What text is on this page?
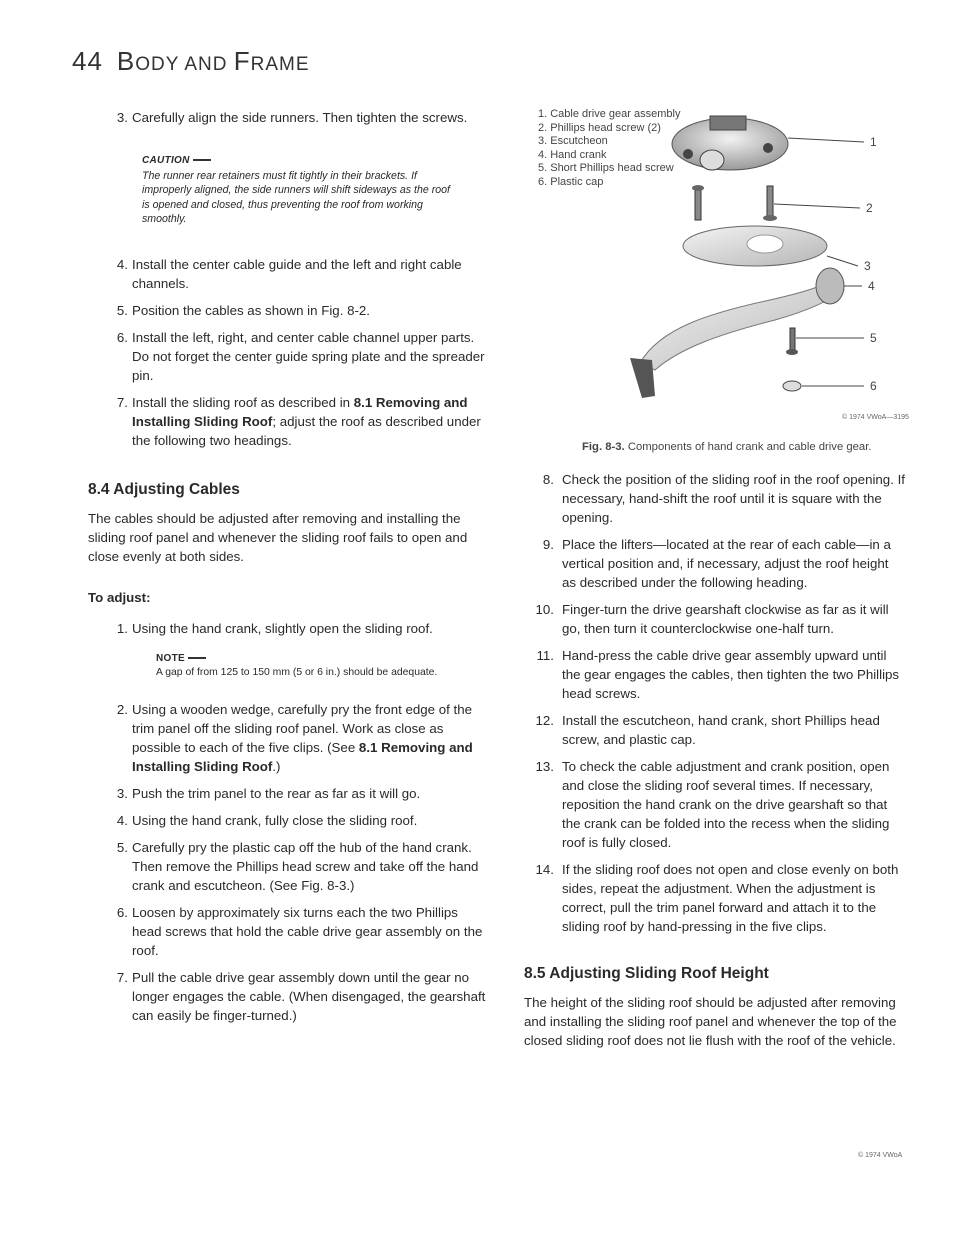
44 BODY AND FRAME
3. Carefully align the side runners. Then tighten the screws.
CAUTION
The runner rear retainers must fit tightly in their brackets. If improperly aligned, the side runners will shift sideways as the roof is opened and closed, thus preventing the roof from working smoothly.
4. Install the center cable guide and the left and right cable channels.
5. Position the cables as shown in Fig. 8-2.
6. Install the left, right, and center cable channel upper parts. Do not forget the center guide spring plate and the spreader pin.
7. Install the sliding roof as described in 8.1 Removing and Installing Sliding Roof; adjust the roof as described under the following two headings.
8.4 Adjusting Cables
The cables should be adjusted after removing and installing the sliding roof panel and whenever the sliding roof fails to open and close evenly at both sides.
To adjust:
1. Using the hand crank, slightly open the sliding roof.
NOTE
A gap of from 125 to 150 mm (5 or 6 in.) should be adequate.
2. Using a wooden wedge, carefully pry the front edge of the trim panel off the sliding roof panel. Work as close as possible to each of the five clips. (See 8.1 Removing and Installing Sliding Roof.)
3. Push the trim panel to the rear as far as it will go.
4. Using the hand crank, fully close the sliding roof.
5. Carefully pry the plastic cap off the hub of the hand crank. Then remove the Phillips head screw and take off the hand crank and escutcheon. (See Fig. 8-3.)
6. Loosen by approximately six turns each the two Phillips head screws that hold the cable drive gear assembly on the roof.
7. Pull the cable drive gear assembly down until the gear no longer engages the cable. (When disengaged, the gearshaft can easily be finger-turned.)
1. Cable drive gear assembly
2. Phillips head screw (2)
3. Escutcheon
4. Hand crank
5. Short Phillips head screw
6. Plastic cap
1
2
3
4
5
6
© 1974 VWoA—3195
Fig. 8-3. Components of hand crank and cable drive gear.
8. Check the position of the sliding roof in the roof opening. If necessary, hand-shift the roof until it is square with the opening.
9. Place the lifters—located at the rear of each cable—in a vertical position and, if necessary, adjust the roof height as described under the following heading.
10. Finger-turn the drive gearshaft clockwise as far as it will go, then turn it counterclockwise one-half turn.
11. Hand-press the cable drive gear assembly upward until the gear engages the cables, then tighten the two Phillips head screws.
12. Install the escutcheon, hand crank, short Phillips head screw, and plastic cap.
13. To check the cable adjustment and crank position, open and close the sliding roof several times. If necessary, reposition the hand crank on the drive gearshaft so that the crank can be folded into the recess when the sliding roof is fully closed.
14. If the sliding roof does not open and close evenly on both sides, repeat the adjustment. When the adjustment is correct, pull the trim panel forward and attach it to the sliding roof by hand-pressing in the five clips.
8.5 Adjusting Sliding Roof Height
The height of the sliding roof should be adjusted after removing and installing the sliding roof panel and whenever the top of the closed sliding roof does not lie flush with the roof of the vehicle.
© 1974 VWoA
